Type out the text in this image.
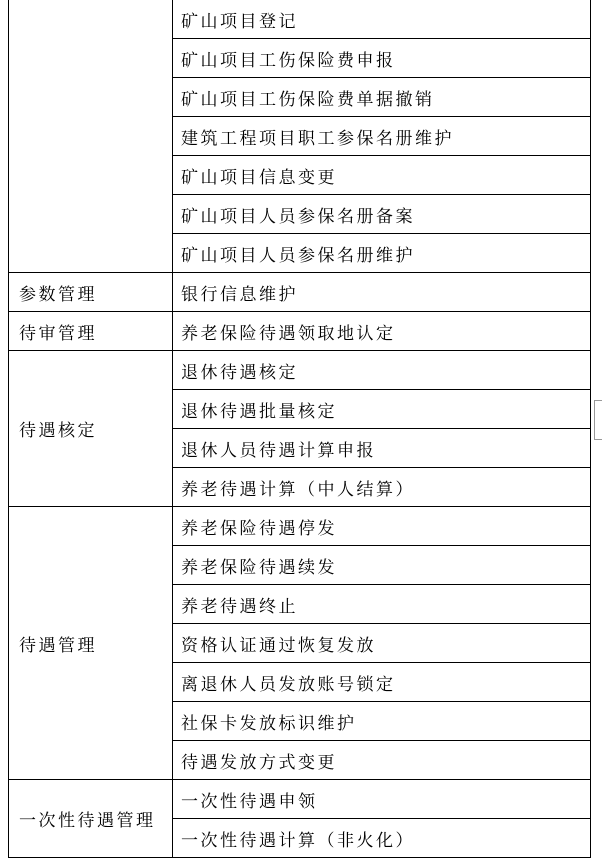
	矿山项目登记
	矿山项目工伤保险费申报
	矿山项目工伤保险费单据撤销
	建筑工程项目职工参保名册维护
	矿山项目信息变更
	矿山项目人员参保名册备案
	矿山项目人员参保名册维护
参数管理	银行信息维护
待审管理	养老保险待遇领取地认定
待遇核定	退休待遇核定
	退休待遇批量核定
	退休人员待遇计算申报
	养老待遇计算（中人结算）
待遇管理	养老保险待遇停发
	养老保险待遇续发
	养老待遇终止
	资格认证通过恢复发放
	离退休人员发放账号锁定
	社保卡发放标识维护
	待遇发放方式变更
一次性待遇管理	一次性待遇申领
	一次性待遇计算（非火化）
